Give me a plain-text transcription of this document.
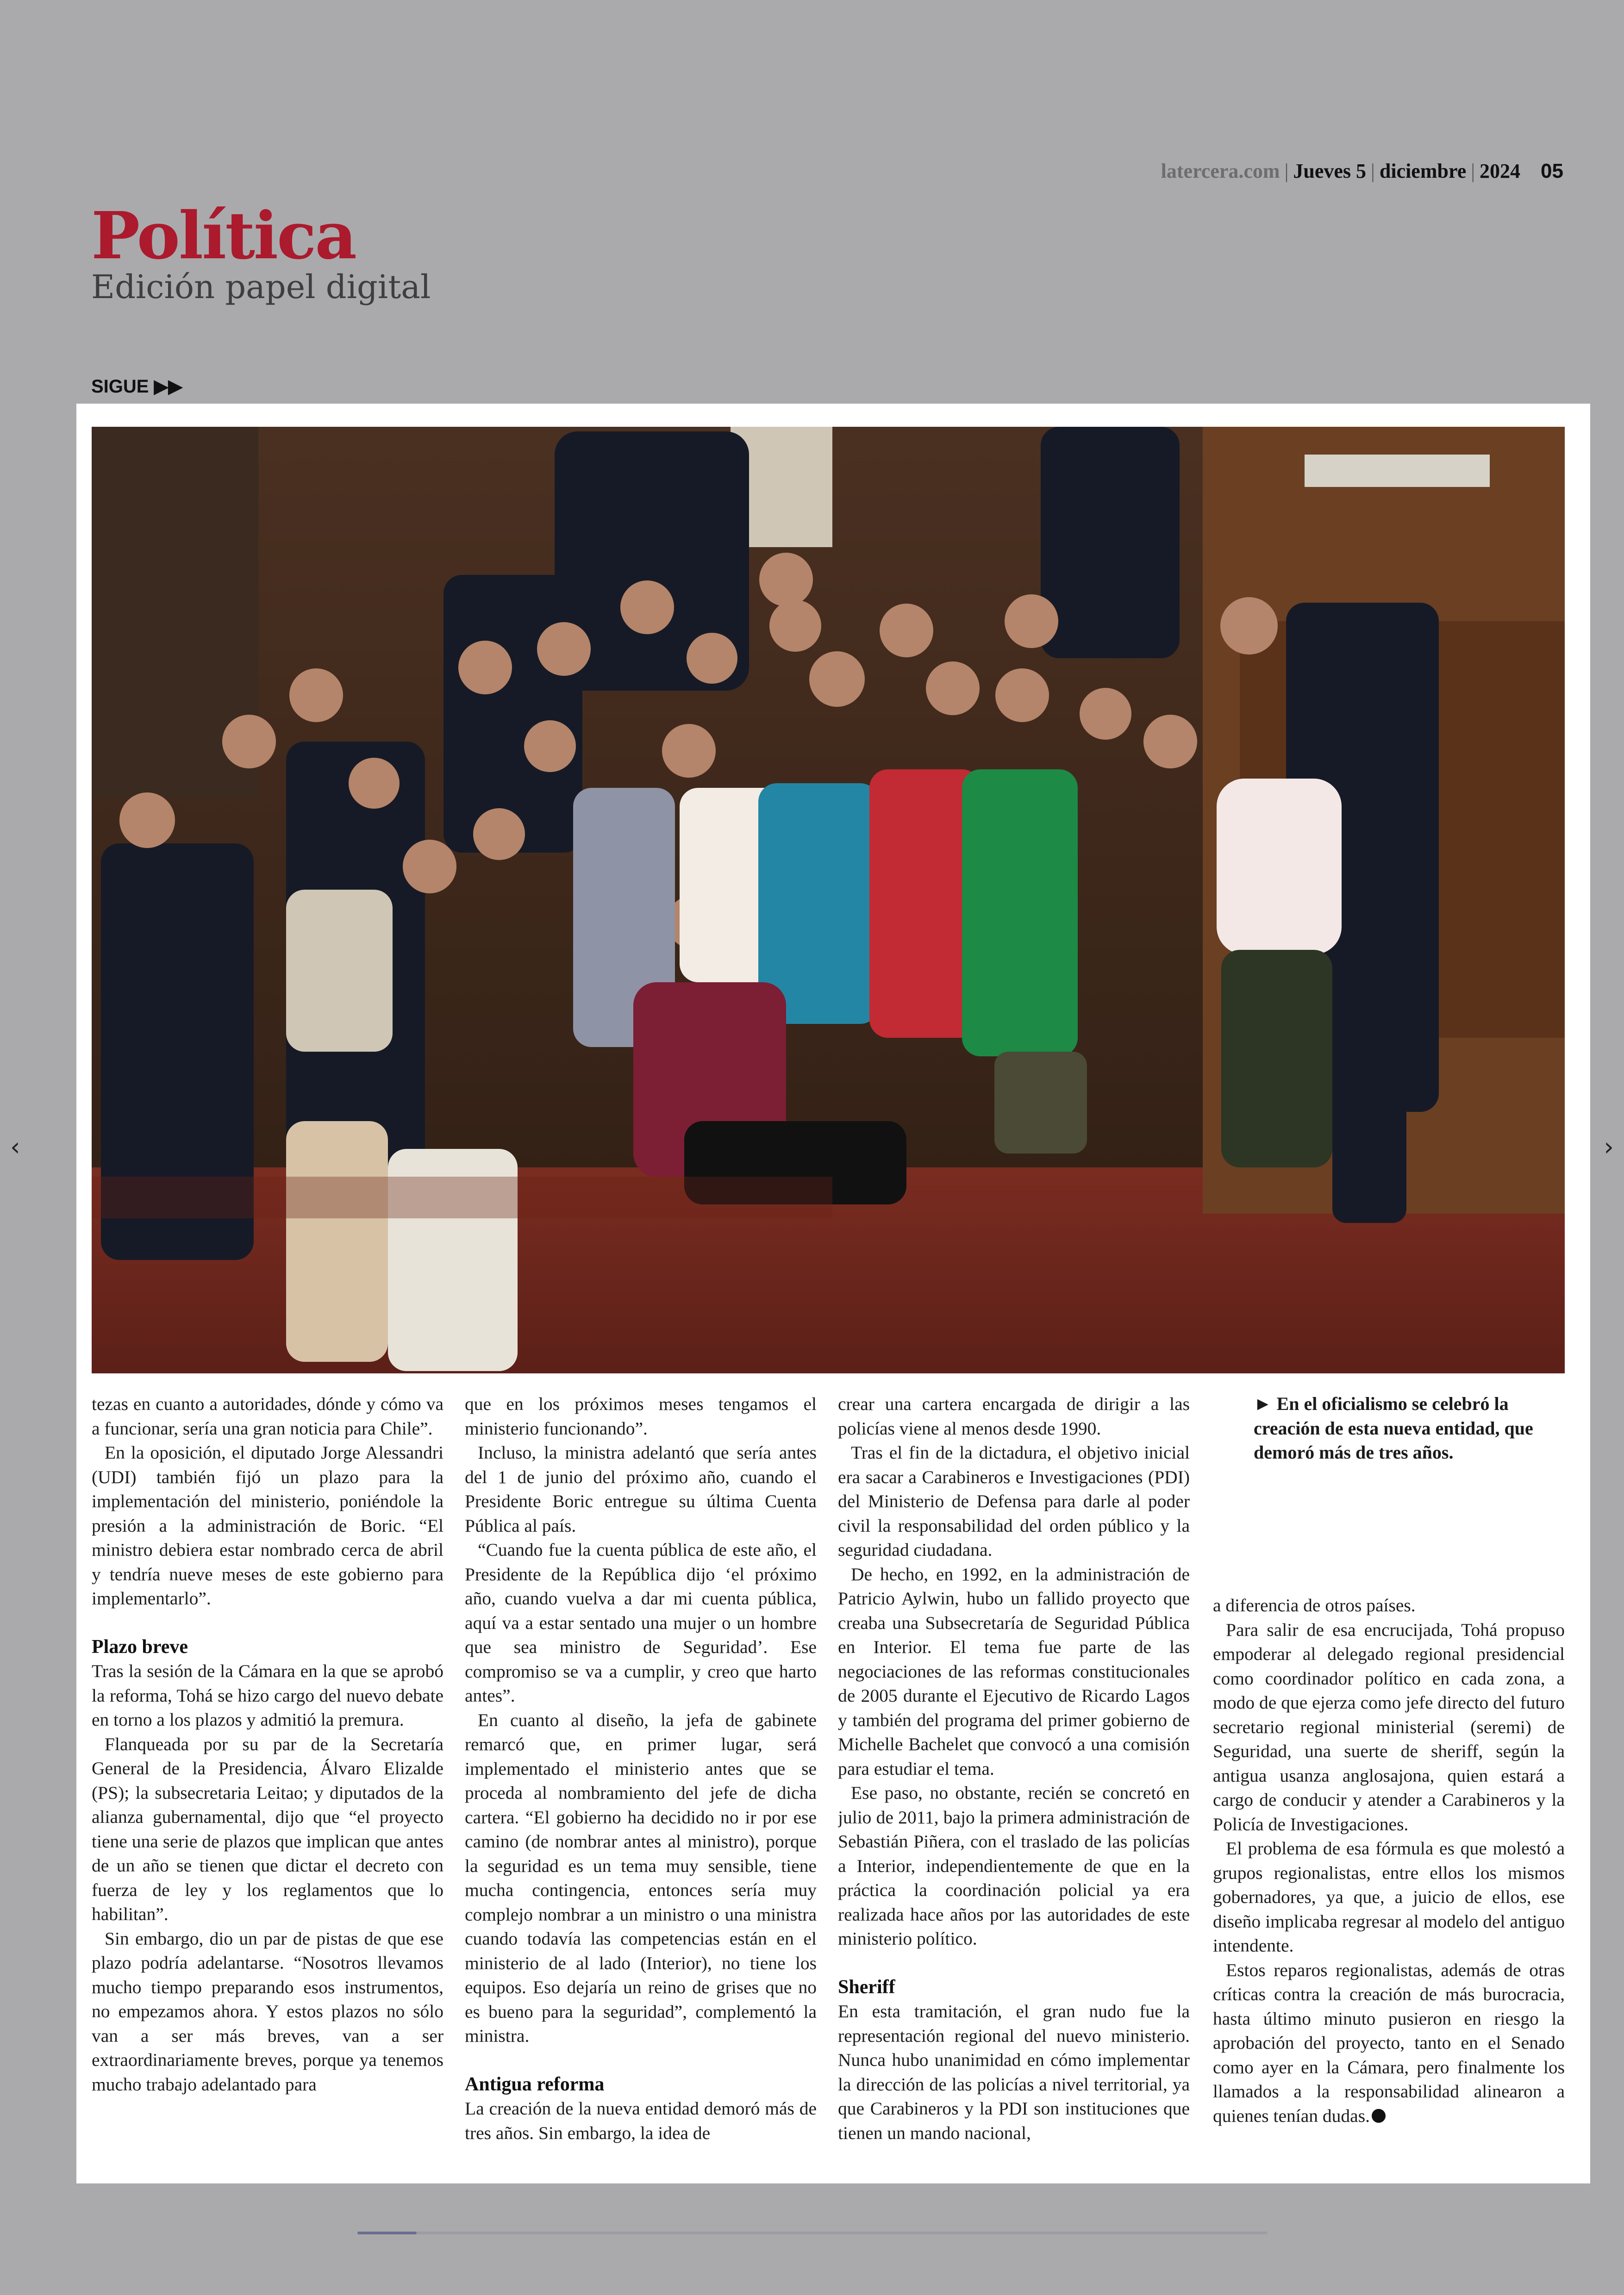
Política
Edición papel digital
latercera.com | Jueves 5 | diciembre | 2024 05
SIGUE ▶▶
‹	›

tezas en cuanto a autoridades, dónde y cómo va a funcionar, sería una gran noticia para Chile”.

En la oposición, el diputado Jorge Alessandri (UDI) también fijó un plazo para la implementación del ministerio, poniéndole la presión a la administración de Boric. “El ministro debiera estar nombrado cerca de abril y tendría nueve meses de este gobierno para implementarlo”.

Plazo breve

Tras la sesión de la Cámara en la que se aprobó la reforma, Tohá se hizo cargo del nuevo debate en torno a los plazos y admitió la premura.

Flanqueada por su par de la Secretaría General de la Presidencia, Álvaro Elizalde (PS); la subsecretaria Leitao; y diputados de la alianza gubernamental, dijo que “el proyecto tiene una serie de plazos que implican que antes de un año se tienen que dictar el decreto con fuerza de ley y los reglamentos que lo habilitan”.

Sin embargo, dio un par de pistas de que ese plazo podría adelantarse. “Nosotros llevamos mucho tiempo preparando esos instrumentos, no empezamos ahora. Y estos plazos no sólo van a ser más breves, van a ser extraordinariamente breves, porque ya tenemos mucho trabajo adelantado para

que en los próximos meses tengamos el ministerio funcionando”.

Incluso, la ministra adelantó que sería antes del 1 de junio del próximo año, cuando el Presidente Boric entregue su última Cuenta Pública al país.

“Cuando fue la cuenta pública de este año, el Presidente de la República dijo ‘el próximo año, cuando vuelva a dar mi cuenta pública, aquí va a estar sentado una mujer o un hombre que sea ministro de Seguridad’. Ese compromiso se va a cumplir, y creo que harto antes”.

En cuanto al diseño, la jefa de gabinete remarcó que, en primer lugar, será implementado el ministerio antes que se proceda al nombramiento del jefe de dicha cartera. “El gobierno ha decidido no ir por ese camino (de nombrar antes al ministro), porque la seguridad es un tema muy sensible, tiene mucha contingencia, entonces sería muy complejo nombrar a un ministro o una ministra cuando todavía las competencias están en el ministerio de al lado (Interior), no tiene los equipos. Eso dejaría un reino de grises que no es bueno para la seguridad”, complementó la ministra.

Antigua reforma

La creación de la nueva entidad demoró más de tres años. Sin embargo, la idea de

crear una cartera encargada de dirigir a las policías viene al menos desde 1990.

Tras el fin de la dictadura, el objetivo inicial era sacar a Carabineros e Investigaciones (PDI) del Ministerio de Defensa para darle al poder civil la responsabilidad del orden público y la seguridad ciudadana.

De hecho, en 1992, en la administración de Patricio Aylwin, hubo un fallido proyecto que creaba una Subsecretaría de Seguridad Pública en Interior. El tema fue parte de las negociaciones de las reformas constitucionales de 2005 durante el Ejecutivo de Ricardo Lagos y también del programa del primer gobierno de Michelle Bachelet que convocó a una comisión para estudiar el tema.

Ese paso, no obstante, recién se concretó en julio de 2011, bajo la primera administración de Sebastián Piñera, con el traslado de las policías a Interior, independientemente de que en la práctica la coordinación policial ya era realizada hace años por las autoridades de este ministerio político.

Sheriff

En esta tramitación, el gran nudo fue la representación regional del nuevo ministerio. Nunca hubo unanimidad en cómo implementar la dirección de las policías a nivel territorial, ya que Carabineros y la PDI son instituciones que tienen un mando nacional,

► En el oficialismo se celebró la creación de esta nueva entidad, que demoró más de tres años.

a diferencia de otros países.

Para salir de esa encrucijada, Tohá propuso empoderar al delegado regional presidencial como coordinador político en cada zona, a modo de que ejerza como jefe directo del futuro secretario regional ministerial (seremi) de Seguridad, una suerte de sheriff, según la antigua usanza anglosajona, quien estará a cargo de conducir y atender a Carabineros y la Policía de Investigaciones.

El problema de esa fórmula es que molestó a grupos regionalistas, entre ellos los mismos gobernadores, ya que, a juicio de ellos, ese diseño implicaba regresar al modelo del antiguo intendente.

Estos reparos regionalistas, además de otras críticas contra la creación de más burocracia, hasta último minuto pusieron en riesgo la aprobación del proyecto, tanto en el Senado como ayer en la Cámara, pero finalmente los llamados a la responsabilidad alinearon a quienes tenían dudas.
